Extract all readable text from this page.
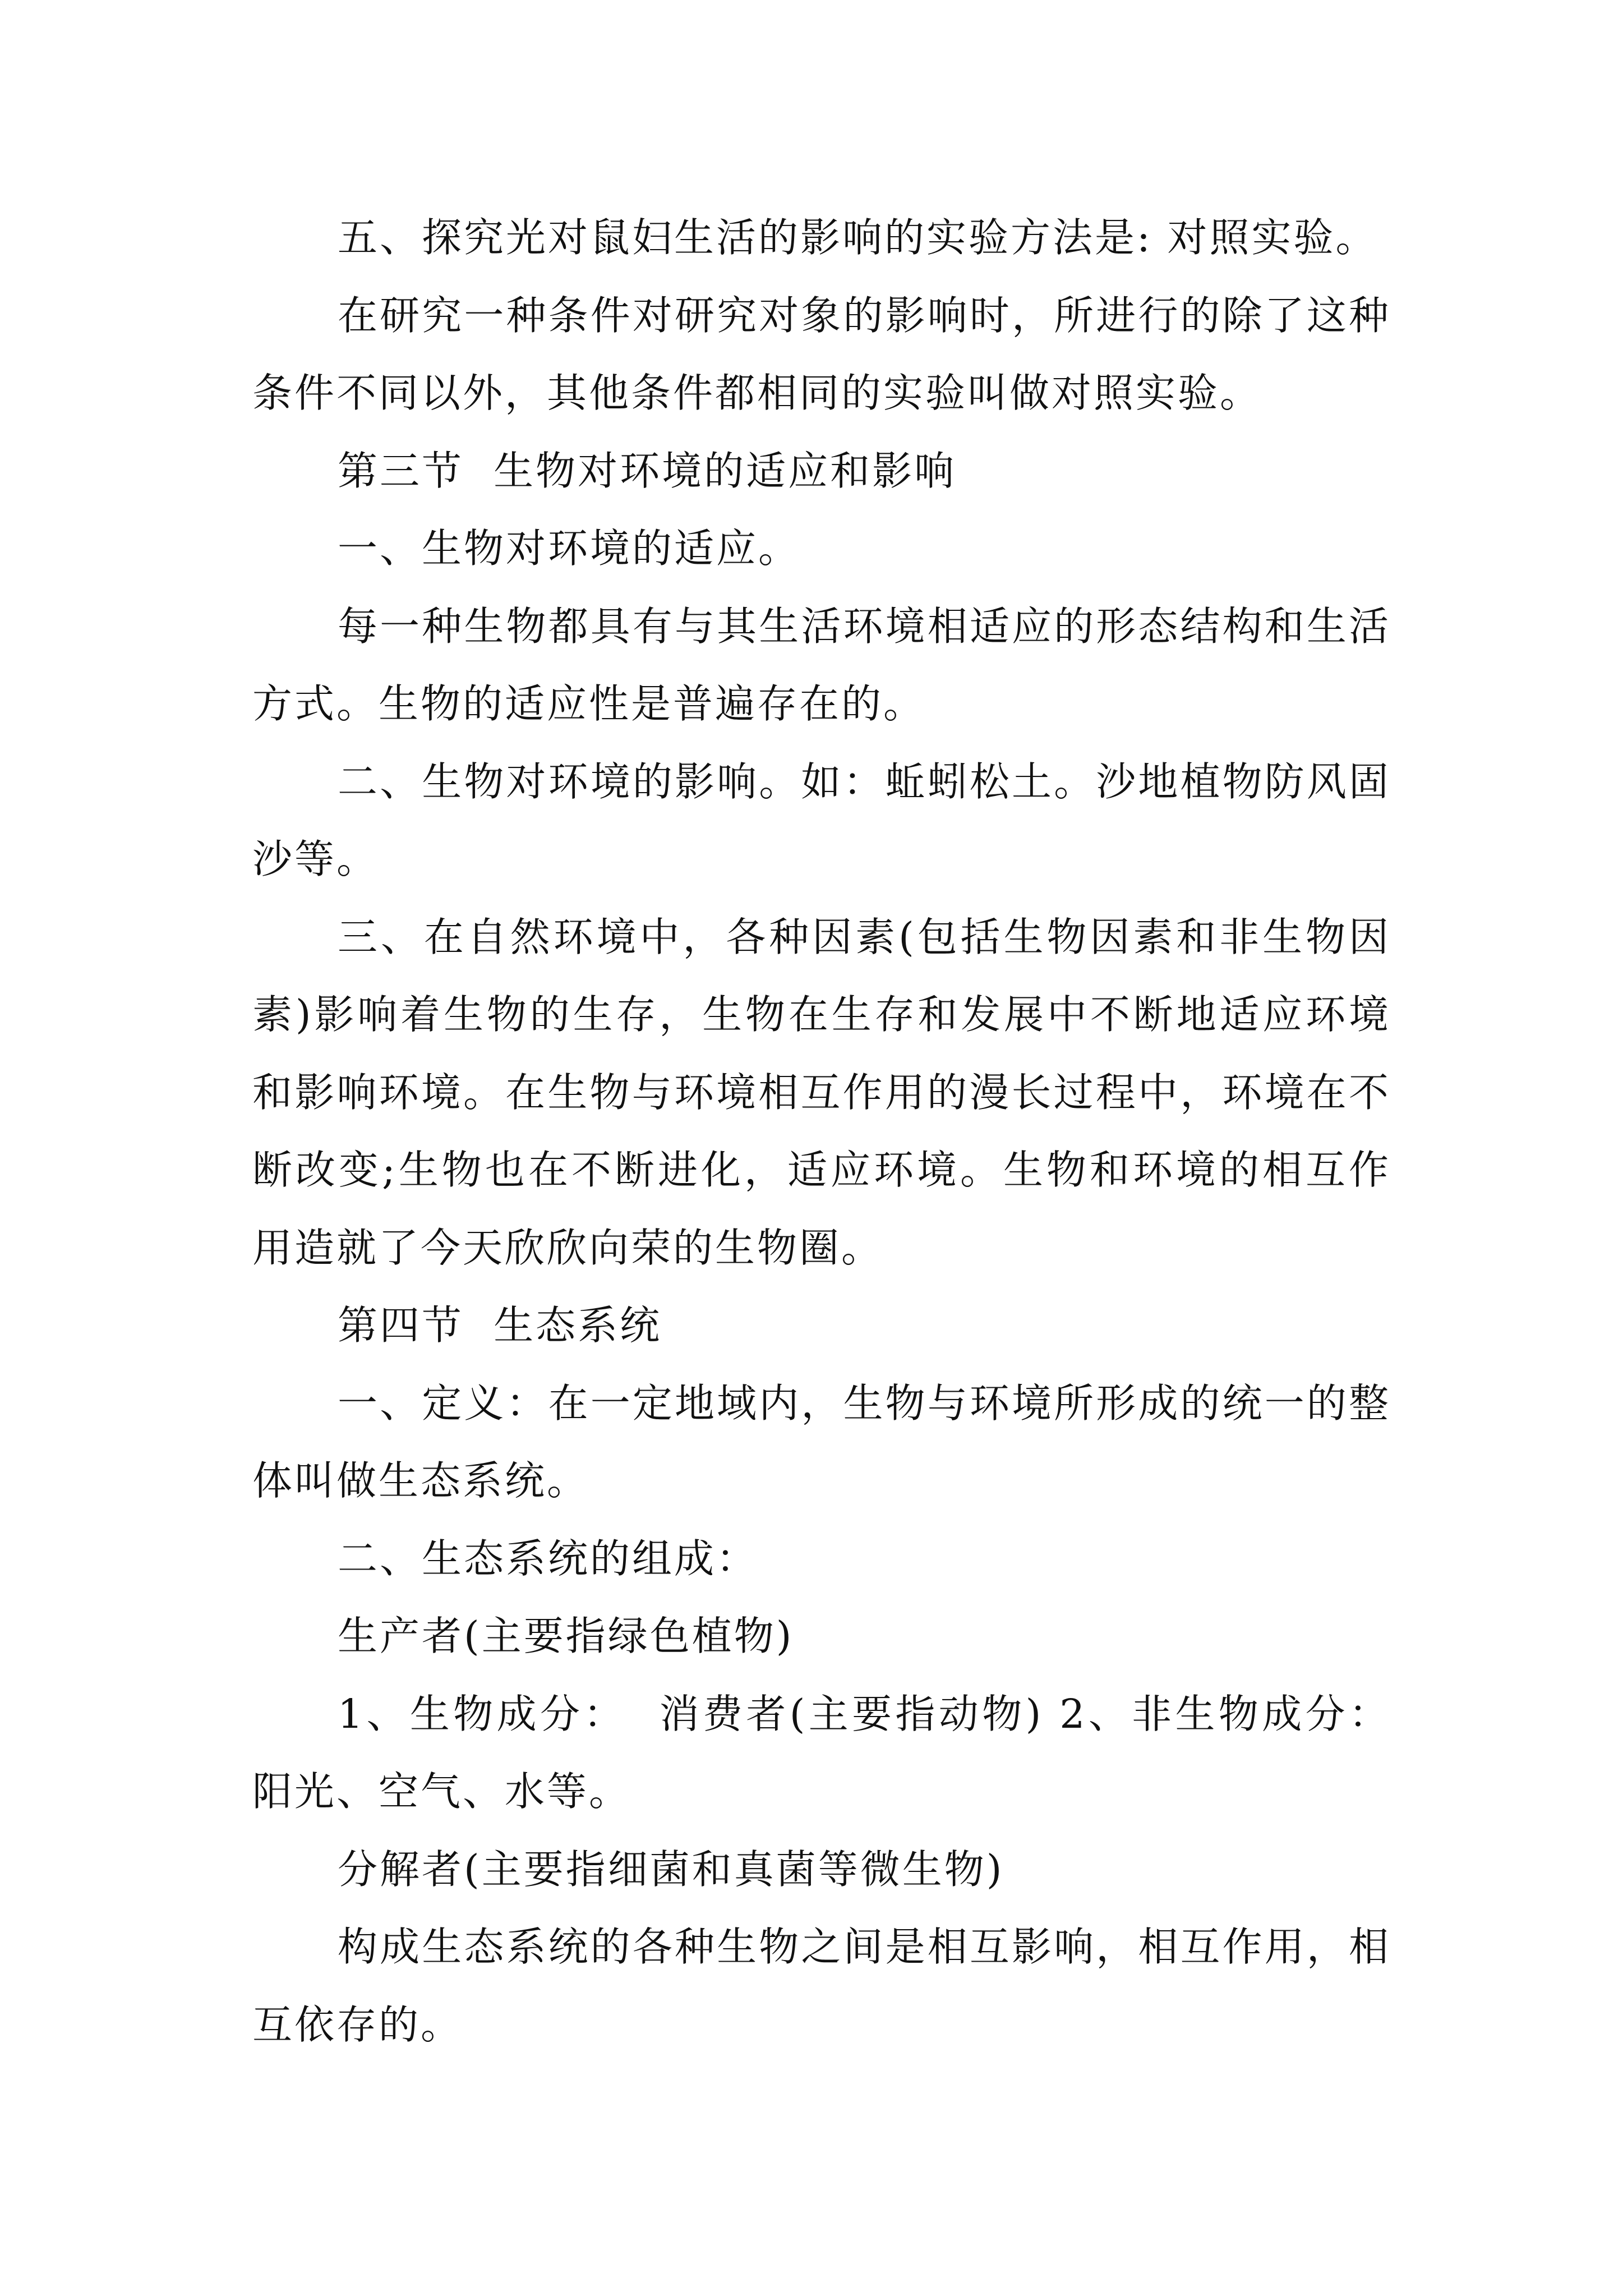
五、探究光对鼠妇生活的影响的实验方法是: 对照实验。

在研究一种条件对研究对象的影响时，所进行的除了这种条件不同以外，其他条件都相同的实验叫做对照实验。

第三节  生物对环境的适应和影响

一、生物对环境的适应。

每一种生物都具有与其生活环境相适应的形态结构和生活方式。生物的适应性是普遍存在的。

二、生物对环境的影响。如：蚯蚓松土。沙地植物防风固沙等。

三、在自然环境中，各种因素(包括生物因素和非生物因素)影响着生物的生存，生物在生存和发展中不断地适应环境和影响环境。在生物与环境相互作用的漫长过程中，环境在不断改变;生物也在不断进化，适应环境。生物和环境的相互作用造就了今天欣欣向荣的生物圈。

第四节  生态系统

一、定义：在一定地域内，生物与环境所形成的统一的整体叫做生态系统。

二、生态系统的组成：

生产者(主要指绿色植物)

1、生物成分：  消费者(主要指动物) 2、非生物成分：阳光、空气、水等。

分解者(主要指细菌和真菌等微生物)

构成生态系统的各种生物之间是相互影响，相互作用，相互依存的。
